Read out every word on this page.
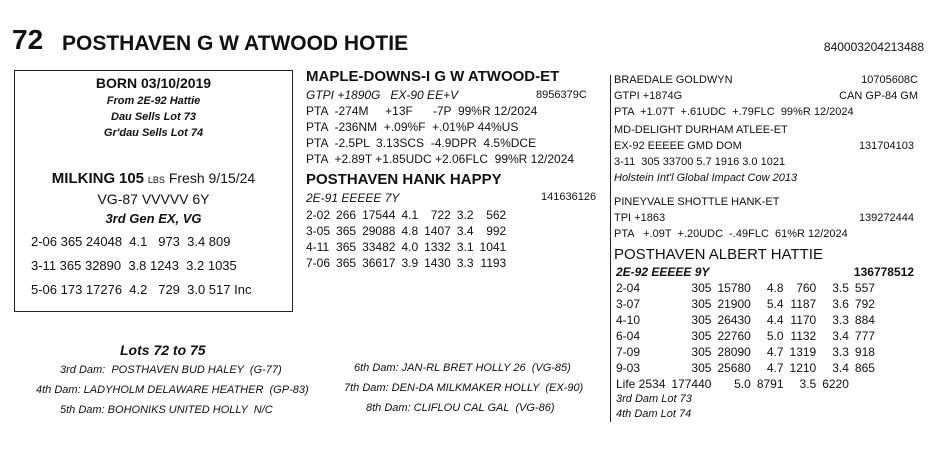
72 POSTHAVEN G W ATWOOD HOTIE	840003204213488
BORN 03/10/2019
From 2E-92 Hattie
Dau Sells Lot 73
Gr'dau Sells Lot 74
MILKING 105 LBS Fresh 9/15/24
VG-87 VVVVV 6Y
3rd Gen EX, VG
2-06 365 24048  4.1   973  3.4 809
3-11 365 32890  3.8 1243  3.2 1035
5-06 173 17276  4.2   729  3.0 517 Inc
MAPLE-DOWNS-I G W ATWOOD-ET
GTPI +1890G   EX-90 EE+V	8956379C
PTA  -274M     +13F      -7P  99%R 12/2024
PTA  -236NM  +.09%F  +.01%P 44%US
PTA  -2.5PL  3.13SCS  -4.9DPR  4.5%DCE
PTA  +2.89T +1.85UDC +2.06FLC  99%R 12/2024
POSTHAVEN HANK HAPPY
2E-91 EEEEE 7Y	141636126
2-02	266	17544	4.1	722	3.2	562
3-05	365	29088	4.8	1407	3.4	992
4-11	365	33482	4.0	1332	3.1	1041
7-06	365	36617	3.9	1430	3.3	1193
BRAEDALE GOLDWYN	10705608C
GTPI +1874G	CAN GP-84 GM
PTA  +1.07T  +.61UDC  +.79FLC  99%R 12/2024
MD-DELIGHT DURHAM ATLEE-ET
EX-92 EEEEE GMD DOM	131704103
3-11  305 33700 5.7 1916 3.0 1021
Holstein Int'l Global Impact Cow 2013
PINEYVALE SHOTTLE HANK-ET
TPI +1863	139272444
PTA   +.09T  +.20UDC  -.49FLC  61%R 12/2024
POSTHAVEN ALBERT HATTIE
2E-92 EEEEE 9Y	136778512
2-04	305	15780	4.8	760	3.5	557
3-07	305	21900	5.4	1187	3.6	792
4-10	305	26430	4.4	1170	3.3	884
6-04	305	22760	5.0	1132	3.4	777
7-09	305	28090	4.7	1319	3.3	918
9-03	305	25680	4.7	1210	3.4	865
Life 2534	177440	5.0	8791	3.5	6220	
3rd Dam Lot 73
4th Dam Lot 74
Lots 72 to 75
3rd Dam:  POSTHAVEN BUD HALEY  (G-77)
4th Dam: LADYHOLM DELAWARE HEATHER  (GP-83)
5th Dam: BOHONIKS UNITED HOLLY  N/C
6th Dam: JAN-RL BRET HOLLY 26  (VG-85)
7th Dam: DEN-DA MILKMAKER HOLLY  (EX-90)
8th Dam: CLIFLOU CAL GAL  (VG-86)
